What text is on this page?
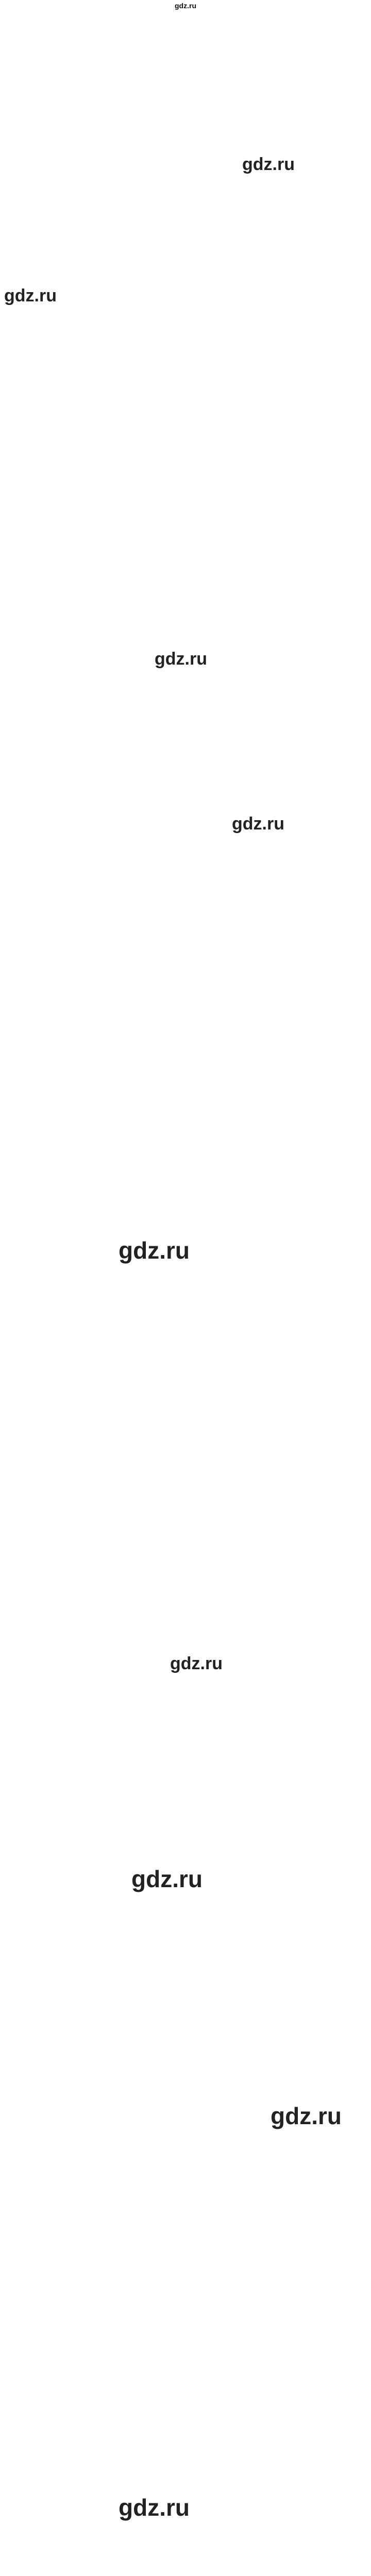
gdz.ru
gdz.ru
gdz.ru
gdz.ru
gdz.ru
gdz.ru
gdz.ru
gdz.ru
gdz.ru
gdz.ru
